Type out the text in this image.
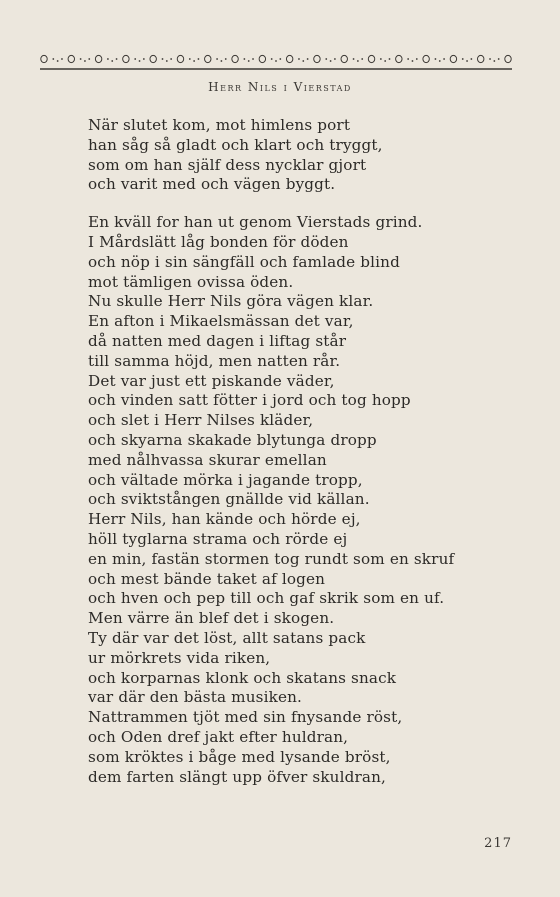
Herr Nils i Vierstad
När slutet kom, mot himlens port
han såg så gladt och klart och tryggt,
som om han själf dess nycklar gjort
och varit med och vägen byggt.
En kväll for han ut genom Vierstads grind.
I Mårdslätt låg bonden för döden
och nöp i sin sängfäll och famlade blind
mot tämligen ovissa öden.
Nu skulle Herr Nils göra vägen klar.
En afton i Mikaelsmässan det var,
då natten med dagen i liftag står
till samma höjd, men natten rår.
Det var just ett piskande väder,
och vinden satt fötter i jord och tog hopp
och slet i Herr Nilses kläder,
och skyarna skakade blytunga dropp
med nålhvassa skurar emellan
och vältade mörka i jagande tropp,
och sviktstången gnällde vid källan.
Herr Nils, han kände och hörde ej,
höll tyglarna strama och rörde ej
en min, fastän stormen tog rundt som en skruf
och mest bände taket af logen
och hven och pep till och gaf skrik som en uf.
Men värre än blef det i skogen.
Ty där var det löst, allt satans pack
ur mörkrets vida riken,
och korparnas klonk och skatans snack
var där den bästa musiken.
Nattrammen tjöt med sin fnysande röst,
och Oden dref jakt efter huldran,
som kröktes i båge med lysande bröst,
dem farten slängt upp öfver skuldran,
217
